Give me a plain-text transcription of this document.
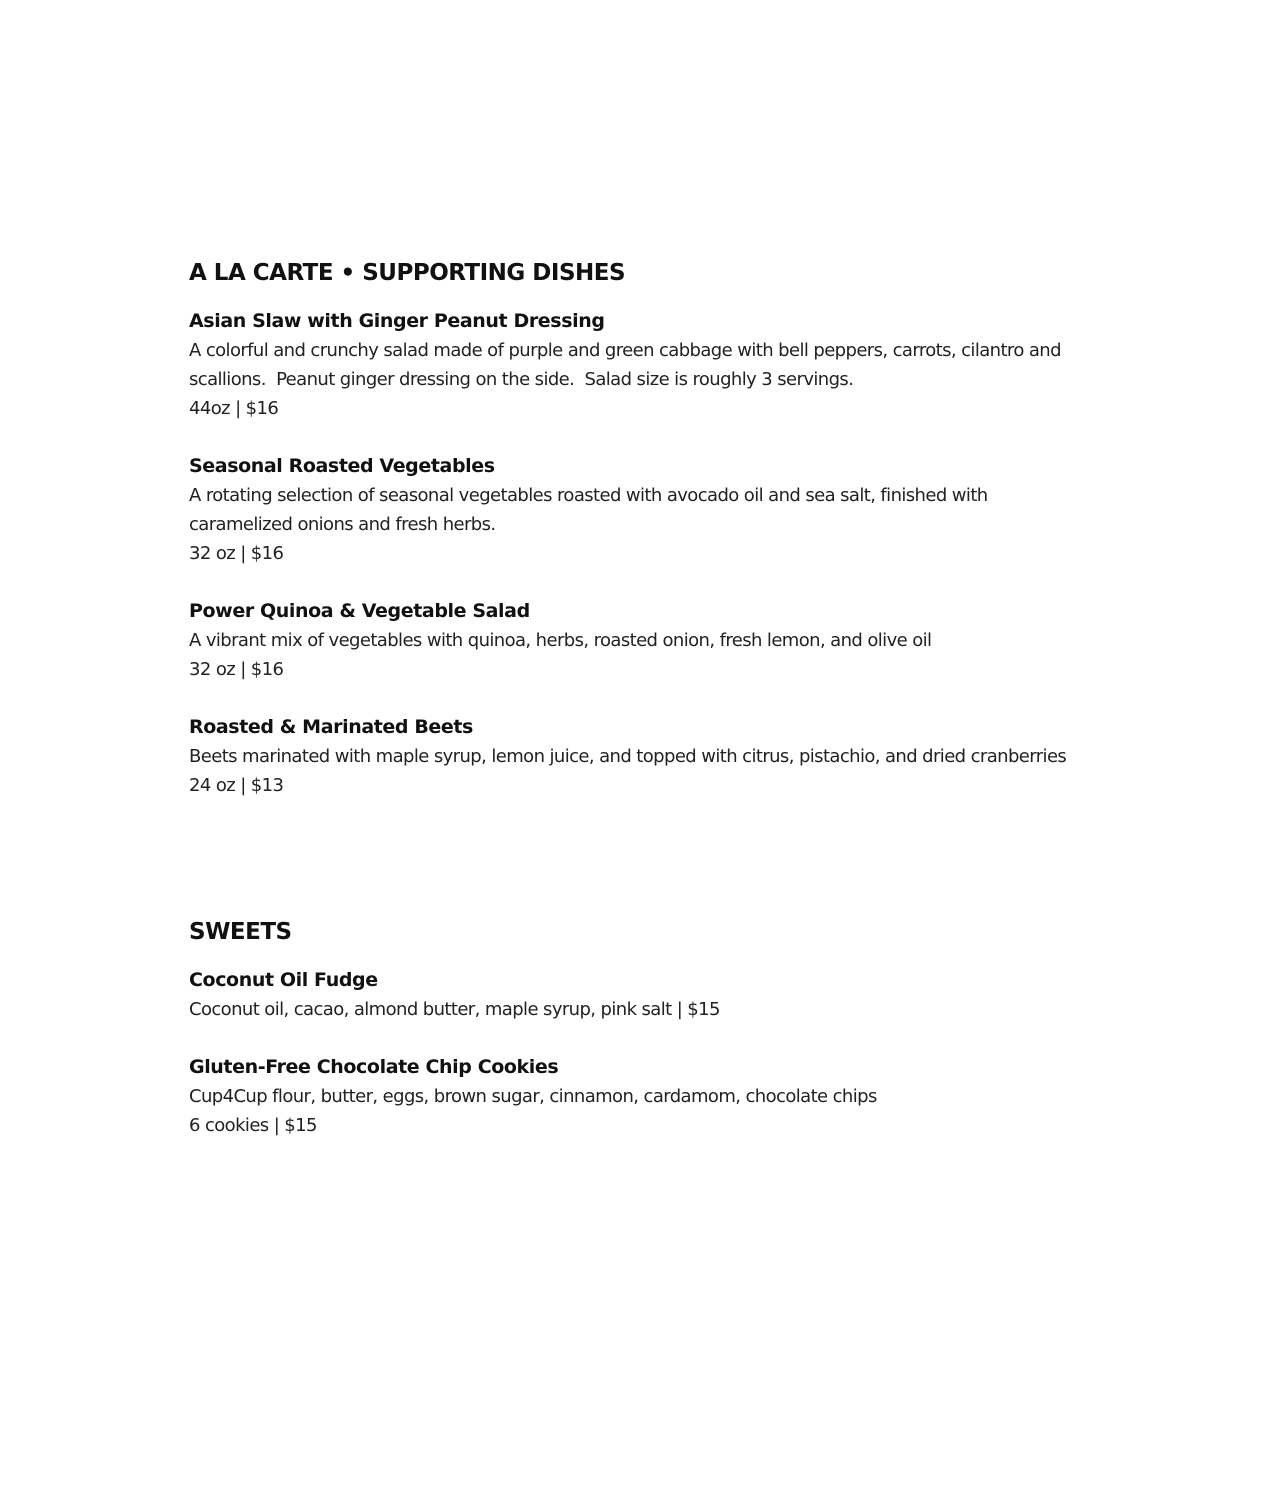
A LA CARTE • SUPPORTING DISHES
Asian Slaw with Ginger Peanut Dressing
A colorful and crunchy salad made of purple and green cabbage with bell peppers, carrots, cilantro and
scallions.  Peanut ginger dressing on the side.  Salad size is roughly 3 servings.
44oz | $16
Seasonal Roasted Vegetables
A rotating selection of seasonal vegetables roasted with avocado oil and sea salt, finished with
caramelized onions and fresh herbs.
32 oz | $16
Power Quinoa & Vegetable Salad
A vibrant mix of vegetables with quinoa, herbs, roasted onion, fresh lemon, and olive oil
32 oz | $16
Roasted & Marinated Beets
Beets marinated with maple syrup, lemon juice, and topped with citrus, pistachio, and dried cranberries
24 oz | $13
SWEETS
Coconut Oil Fudge
Coconut oil, cacao, almond butter, maple syrup, pink salt | $15
Gluten-Free Chocolate Chip Cookies
Cup4Cup flour, butter, eggs, brown sugar, cinnamon, cardamom, chocolate chips
6 cookies | $15
